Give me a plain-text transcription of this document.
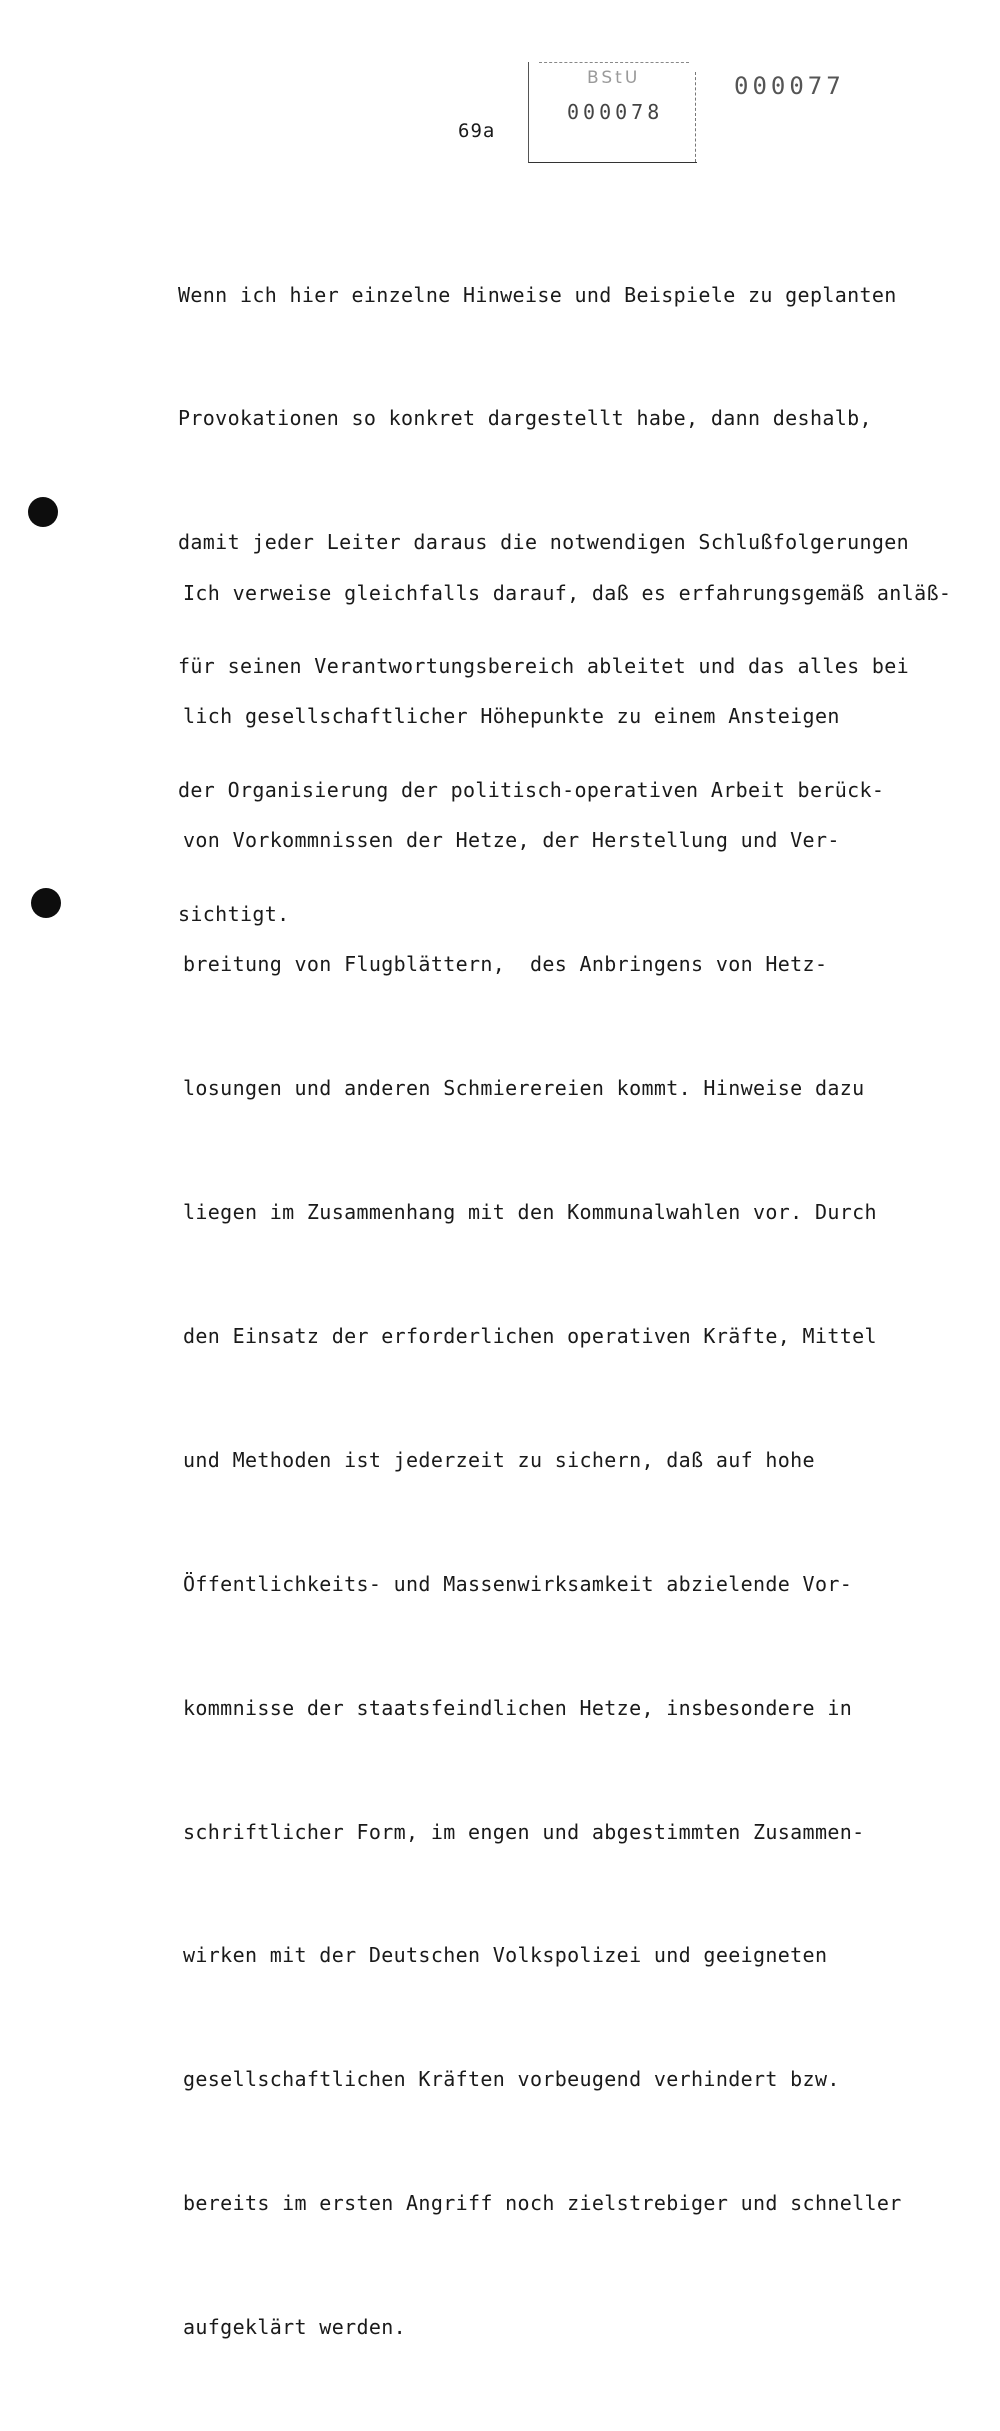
69a
BStU
000078
000077

Wenn ich hier einzelne Hinweise und Beispiele zu geplanten

Provokationen so konkret dargestellt habe, dann deshalb,

damit jeder Leiter daraus die notwendigen Schlußfolgerungen

für seinen Verantwortungsbereich ableitet und das alles bei

der Organisierung der politisch-operativen Arbeit berück-

sichtigt.

Ich verweise gleichfalls darauf, daß es erfahrungsgemäß anläß-

lich gesellschaftlicher Höhepunkte zu einem Ansteigen

von Vorkommnissen der Hetze, der Herstellung und Ver-

breitung von Flugblättern,  des Anbringens von Hetz-

losungen und anderen Schmierereien kommt. Hinweise dazu

liegen im Zusammenhang mit den Kommunalwahlen vor. Durch

den Einsatz der erforderlichen operativen Kräfte, Mittel

und Methoden ist jederzeit zu sichern, daß auf hohe

Öffentlichkeits- und Massenwirksamkeit abzielende Vor-

kommnisse der staatsfeindlichen Hetze, insbesondere in

schriftlicher Form, im engen und abgestimmten Zusammen-

wirken mit der Deutschen Volkspolizei und geeigneten

gesellschaftlichen Kräften vorbeugend verhindert bzw.

bereits im ersten Angriff noch zielstrebiger und schneller

aufgeklärt werden.
